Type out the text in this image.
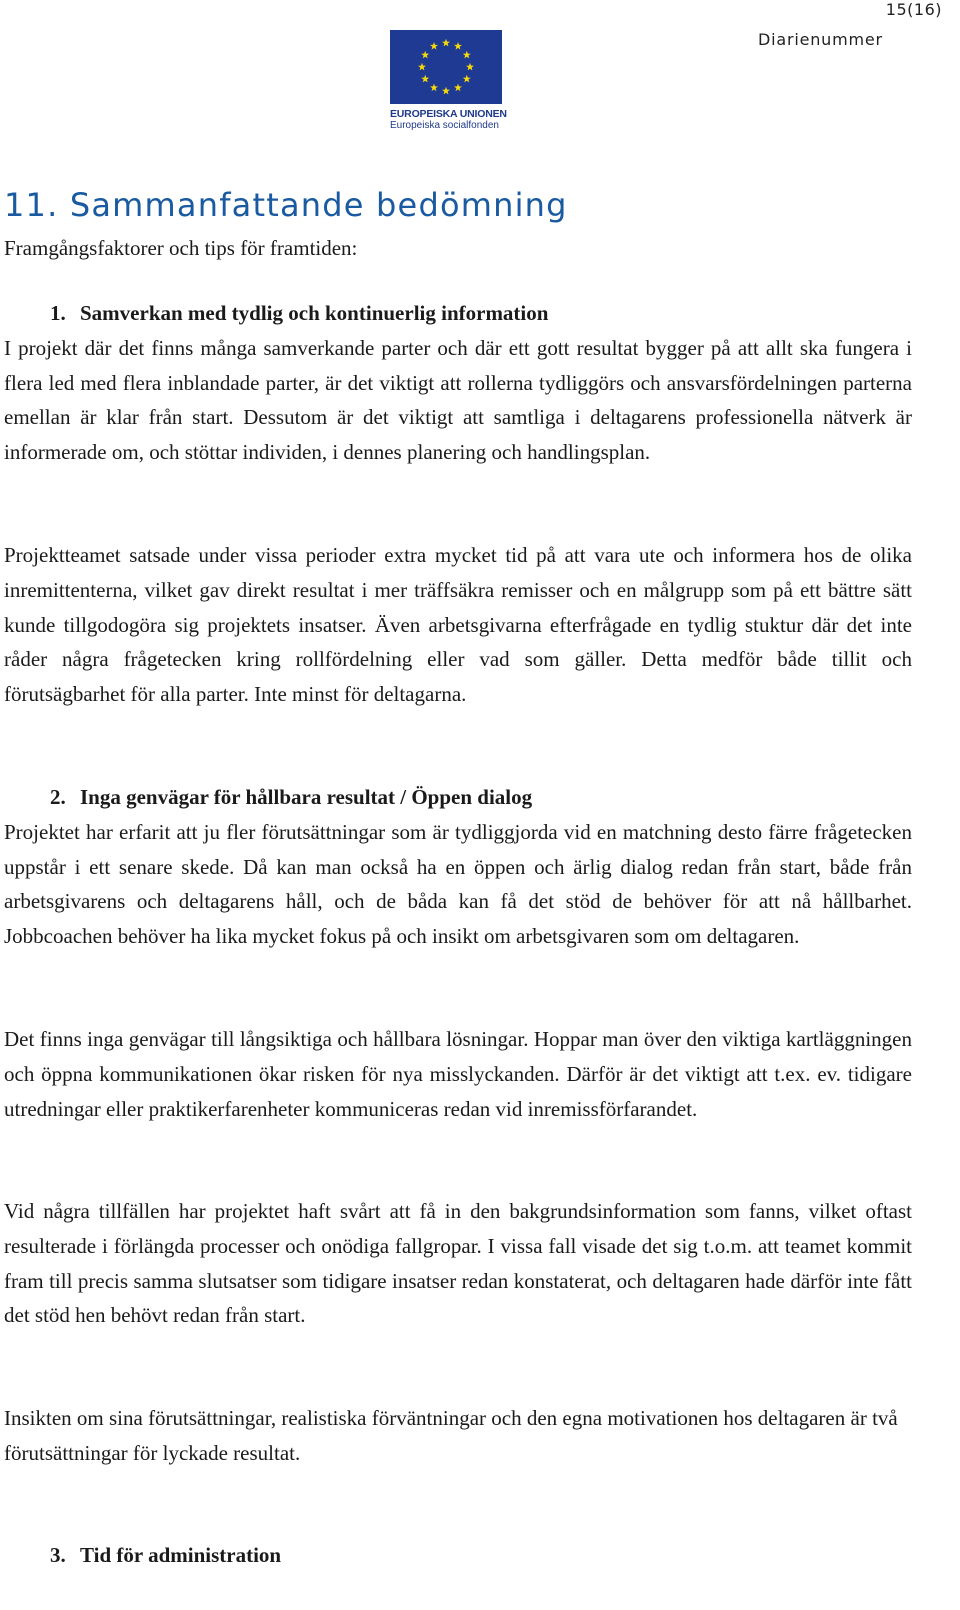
15(16)
Diarienummer
EUROPEISKA UNIONEN
Europeiska socialfonden
11. Sammanfattande bedömning
Framgångsfaktorer och tips för framtiden:
1. Samverkan med tydlig och kontinuerlig information

I projekt där det finns många samverkande parter och där ett gott resultat bygger på att allt ska fungera i flera led med flera inblandade parter, är det viktigt att rollerna tydliggörs och ansvarsfördelningen parterna emellan är klar från start. Dessutom är det viktigt att samtliga i deltagarens professionella nätverk är informerade om, och stöttar individen, i dennes planering och handlingsplan.

Projektteamet satsade under vissa perioder extra mycket tid på att vara ute och informera hos de olika inremittenterna, vilket gav direkt resultat i mer träffsäkra remisser och en målgrupp som på ett bättre sätt kunde tillgodogöra sig projektets insatser. Även arbetsgivarna efterfrågade en tydlig stuktur där det inte råder några frågetecken kring rollfördelning eller vad som gäller. Detta medför både tillit och förutsägbarhet för alla parter. Inte minst för deltagarna.

2. Inga genvägar för hållbara resultat / Öppen dialog

Projektet har erfarit att ju fler förutsättningar som är tydliggjorda vid en matchning desto färre frågetecken uppstår i ett senare skede. Då kan man också ha en öppen och ärlig dialog redan från start, både från arbetsgivarens och deltagarens håll, och de båda kan få det stöd de behöver för att nå hållbarhet. Jobbcoachen behöver ha lika mycket fokus på och insikt om arbetsgivaren som om deltagaren.

Det finns inga genvägar till långsiktiga och hållbara lösningar. Hoppar man över den viktiga kartläggningen och öppna kommunikationen ökar risken för nya misslyckanden. Därför är det viktigt att t.ex. ev. tidigare utredningar eller praktikerfarenheter kommuniceras redan vid inremissförfarandet.

Vid några tillfällen har projektet haft svårt att få in den bakgrundsinformation som fanns, vilket oftast resulterade i förlängda processer och onödiga fallgropar. I vissa fall visade det sig t.o.m. att teamet kommit fram till precis samma slutsatser som tidigare insatser redan konstaterat, och deltagaren hade därför inte fått det stöd hen behövt redan från start.

Insikten om sina förutsättningar, realistiska förväntningar och den egna motivationen hos deltagaren är två förutsättningar för lyckade resultat.

3. Tid för administration
